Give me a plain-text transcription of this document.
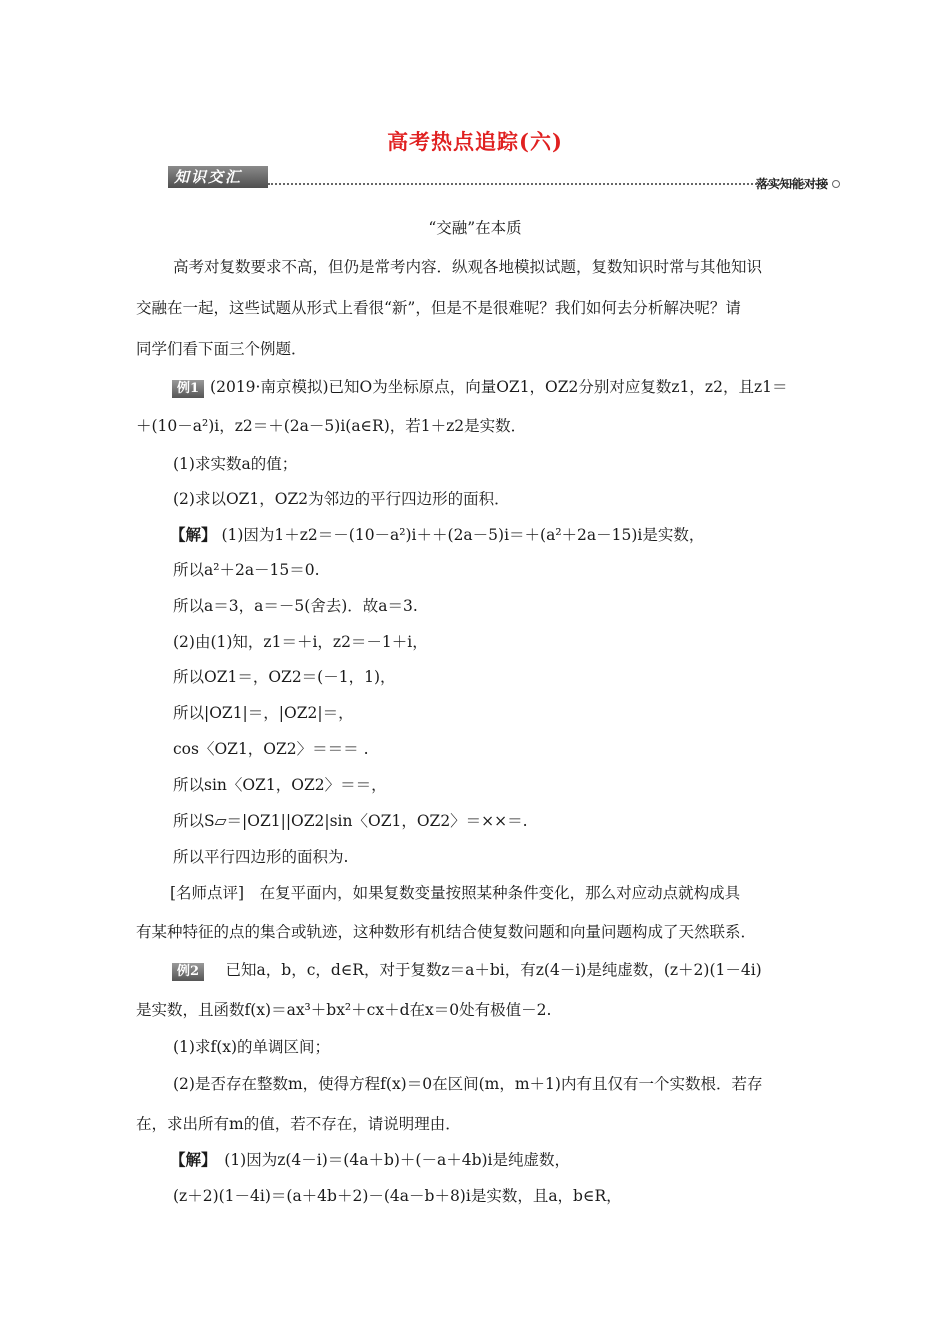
高考热点追踪(六)
知识交汇	落实知能对接
“交融”在本质
高考对复数要求不高，但仍是常考内容．纵观各地模拟试题，复数知识时常与其他知识
交融在一起，这些试题从形式上看很“新”，但是不是很难呢？我们如何去分析解决呢？请
同学们看下面三个例题．
例1 (2019·南京模拟)已知O为坐标原点，向量OZ1，OZ2分别对应复数z1，z2，且z1＝
＋(10－a²)i，z2＝＋(2a－5)i(a∈R)，若1＋z2是实数．
(1)求实数a的值；
(2)求以OZ1，OZ2为邻边的平行四边形的面积．
【解】 (1)因为1＋z2＝－(10－a²)i＋＋(2a－5)i＝＋(a²＋2a－15)i是实数，
所以a²＋2a－15＝0.
所以a＝3，a＝－5(舍去)．故a＝3.
(2)由(1)知，z1＝＋i，z2＝－1＋i，
所以OZ1＝，OZ2＝(－1，1)，
所以|OZ1|＝，|OZ2|＝，
cos〈OZ1，OZ2〉＝＝＝ .
所以sin〈OZ1，OZ2〉＝＝，
所以S▱＝|OZ1||OZ2|sin〈OZ1，OZ2〉＝××＝.
所以平行四边形的面积为.
[名师点评]　在复平面内，如果复数变量按照某种条件变化，那么对应动点就构成具
有某种特征的点的集合或轨迹，这种数形有机结合使复数问题和向量问题构成了天然联系．
例2　已知a，b，c，d∈R，对于复数z＝a＋bi，有z(4－i)是纯虚数，(z＋2)(1－4i)
是实数，且函数f(x)＝ax³＋bx²＋cx＋d在x＝0处有极值－2.
(1)求f(x)的单调区间；
(2)是否存在整数m，使得方程f(x)＝0在区间(m，m＋1)内有且仅有一个实数根．若存
在，求出所有m的值，若不存在，请说明理由．
【解】　(1)因为z(4－i)＝(4a＋b)＋(－a＋4b)i是纯虚数，
(z＋2)(1－4i)＝(a＋4b＋2)－(4a－b＋8)i是实数，且a，b∈R，
